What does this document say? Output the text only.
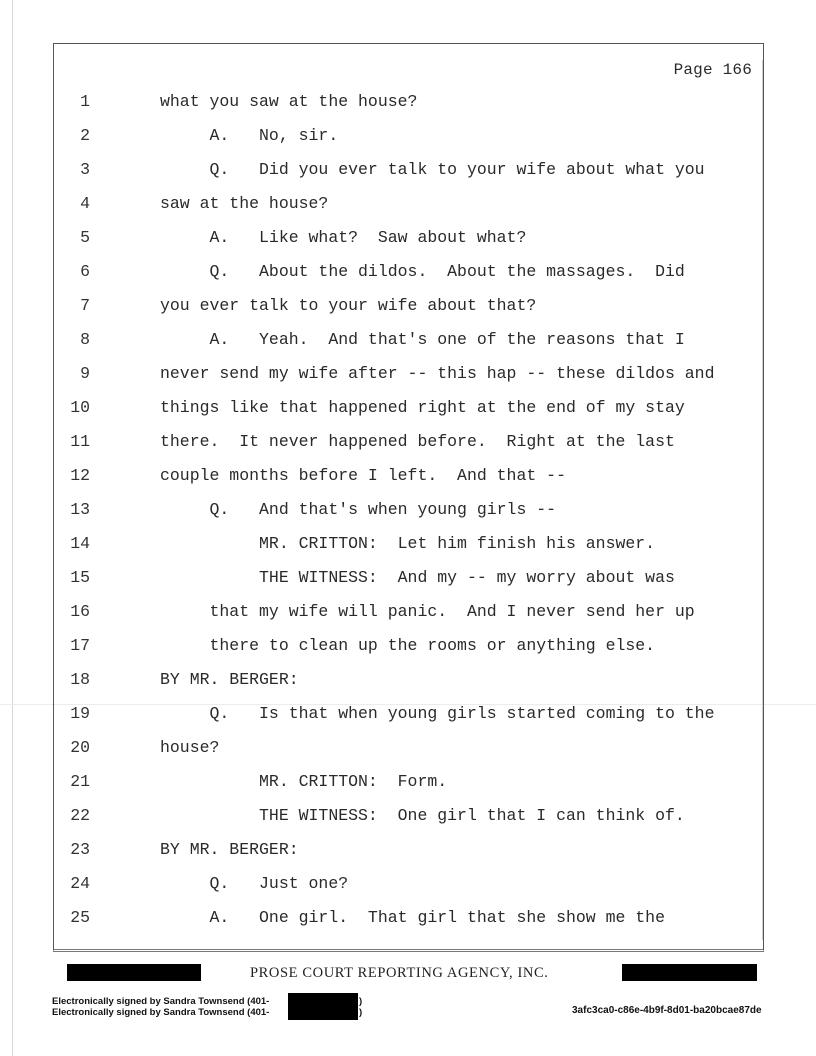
Page 166
1	what you saw at the house?
2	A.   No, sir.
3	Q.   Did you ever talk to your wife about what you
4	saw at the house?
5	A.   Like what?  Saw about what?
6	Q.   About the dildos.  About the massages.  Did
7	you ever talk to your wife about that?
8	A.   Yeah.  And that's one of the reasons that I
9	never send my wife after -- this hap -- these dildos and
10	things like that happened right at the end of my stay
11	there.  It never happened before.  Right at the last
12	couple months before I left.  And that --
13	Q.   And that's when young girls --
14	MR. CRITTON:  Let him finish his answer.
15	THE WITNESS:  And my -- my worry about was
16	that my wife will panic.  And I never send her up
17	there to clean up the rooms or anything else.
18	BY MR. BERGER:
19	Q.   Is that when young girls started coming to the
20	house?
21	MR. CRITTON:  Form.
22	THE WITNESS:  One girl that I can think of.
23	BY MR. BERGER:
24	Q.   Just one?
25	A.   One girl.  That girl that she show me the
PROSE COURT REPORTING AGENCY, INC.
Electronically signed by Sandra Townsend (401-
Electronically signed by Sandra Townsend (401-
)
)	3afc3ca0-c86e-4b9f-8d01-ba20bcae87de
